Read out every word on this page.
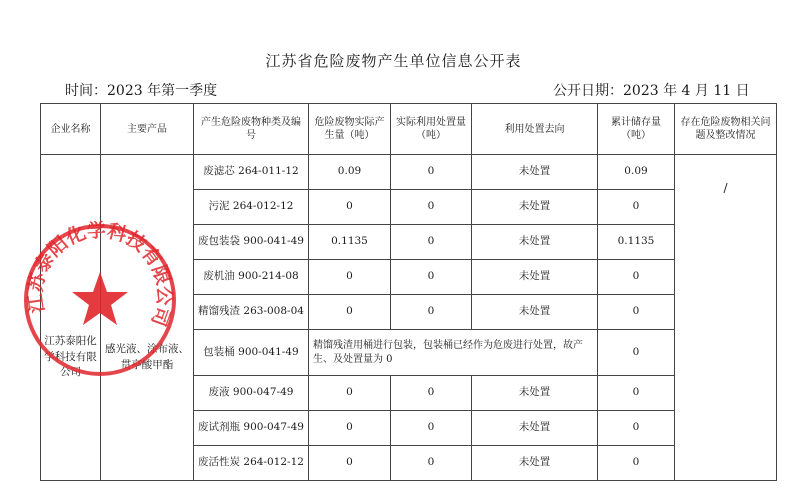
江苏省危险废物产生单位信息公开表
时间：2023 年第一季度	公开日期：2023 年 4 月 11 日
企业名称	主要产品	产生危险废物种类及编号	危险废物实际产生量（吨）	实际利用处置量（吨）	利用处置去向	累计储存量（吨）	存在危险废物相关问题及整改情况

江苏泰阳化学科技有限公司	感光液、涂布液、贯亭酸甲酯	废滤芯 264-011-12	0.09	0	未处置	0.09	/
		污泥 264-012-12	0	0	未处置	0	
		废包装袋 900-041-49	0.1135	0	未处置	0.1135	
		废机油 900-214-08	0	0	未处置	0	
		精馏残渣 263-008-04	0	0	未处置	0	
		包装桶 900-041-49	精馏残渣用桶进行包装，包装桶已经作为危废进行处置，故产生、及处置量为 0			0	
		废液 900-047-49	0	0	未处置	0	
		废试剂瓶 900-047-49	0	0	未处置	0	
		废活性炭 264-012-12	0	0	未处置	0	
江苏泰阳化学科技有限公司
